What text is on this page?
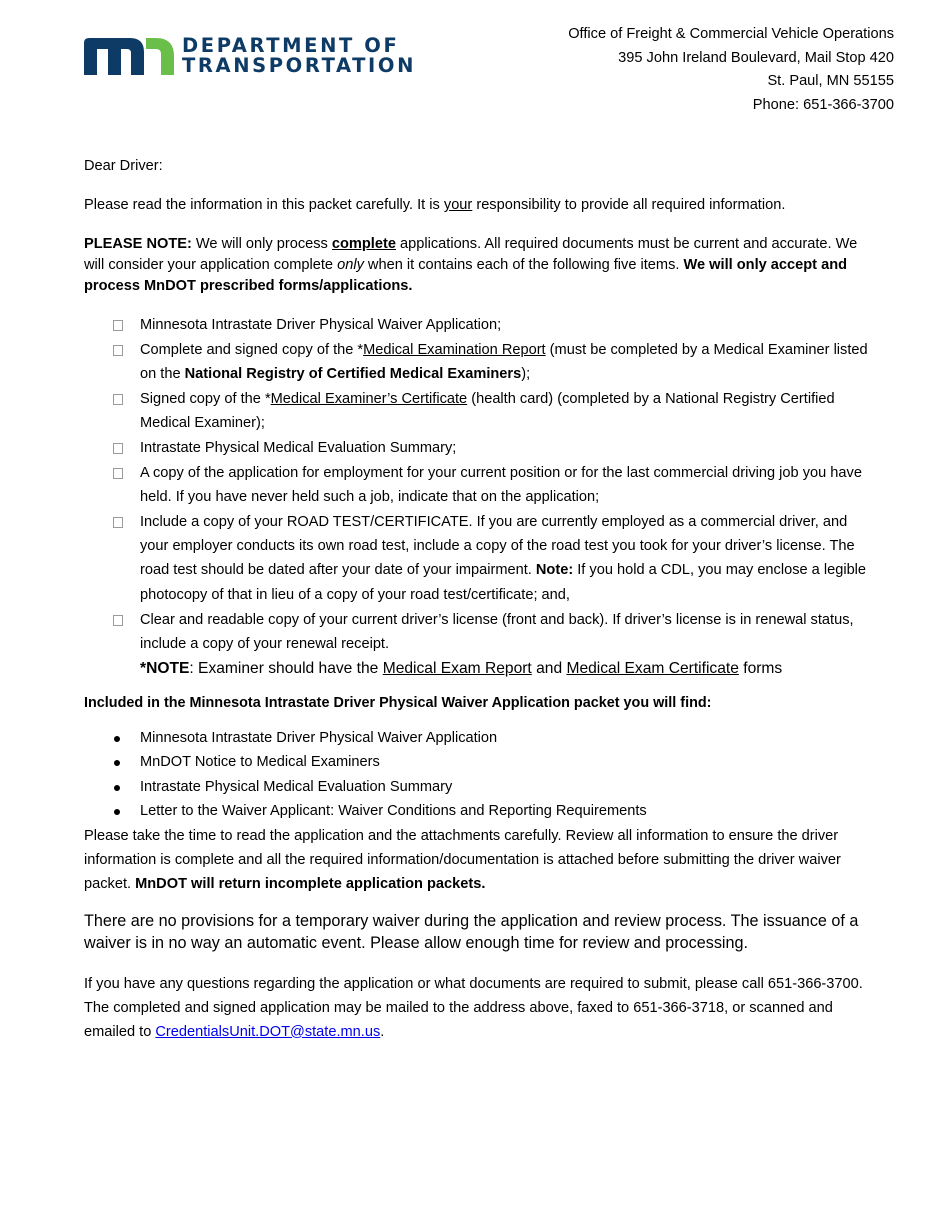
DEPARTMENT OF
TRANSPORTATION
Office of Freight & Commercial Vehicle Operations
395 John Ireland Boulevard, Mail Stop 420
St. Paul, MN 55155
Phone: 651-366-3700

Dear Driver:

Please read the information in this packet carefully. It is your responsibility to provide all required information.

PLEASE NOTE: We will only process complete applications. All required documents must be current and accurate. We will consider your application complete only when it contains each of the following five items. We will only accept and process MnDOT prescribed forms/applications.

Minnesota Intrastate Driver Physical Waiver Application;
Complete and signed copy of the *Medical Examination Report (must be completed by a Medical Examiner listed on the National Registry of Certified Medical Examiners);
Signed copy of the *Medical Examiner’s Certificate (health card) (completed by a National Registry Certified Medical Examiner);
Intrastate Physical Medical Evaluation Summary;
A copy of the application for employment for your current position or for the last commercial driving job you have held. If you have never held such a job, indicate that on the application;
Include a copy of your ROAD TEST/CERTIFICATE. If you are currently employed as a commercial driver, and your employer conducts its own road test, include a copy of the road test you took for your driver’s license. The road test should be dated after your date of your impairment. Note: If you hold a CDL, you may enclose a legible photocopy of that in lieu of a copy of your road test/certificate; and,
Clear and readable copy of your current driver’s license (front and back). If driver’s license is in renewal status, include a copy of your renewal receipt.
*NOTE: Examiner should have the Medical Exam Report and Medical Exam Certificate forms
Included in the Minnesota Intrastate Driver Physical Waiver Application packet you will find:
Minnesota Intrastate Driver Physical Waiver Application
MnDOT Notice to Medical Examiners
Intrastate Physical Medical Evaluation Summary
Letter to the Waiver Applicant: Waiver Conditions and Reporting Requirements

Please take the time to read the application and the attachments carefully. Review all information to ensure the driver information is complete and all the required information/documentation is attached before submitting the driver waiver packet. MnDOT will return incomplete application packets.

There are no provisions for a temporary waiver during the application and review process. The issuance of a waiver is in no way an automatic event. Please allow enough time for review and processing.

If you have any questions regarding the application or what documents are required to submit, please call 651-366-3700. The completed and signed application may be mailed to the address above, faxed to 651-366-3718, or scanned and emailed to CredentialsUnit.DOT@state.mn.us.
